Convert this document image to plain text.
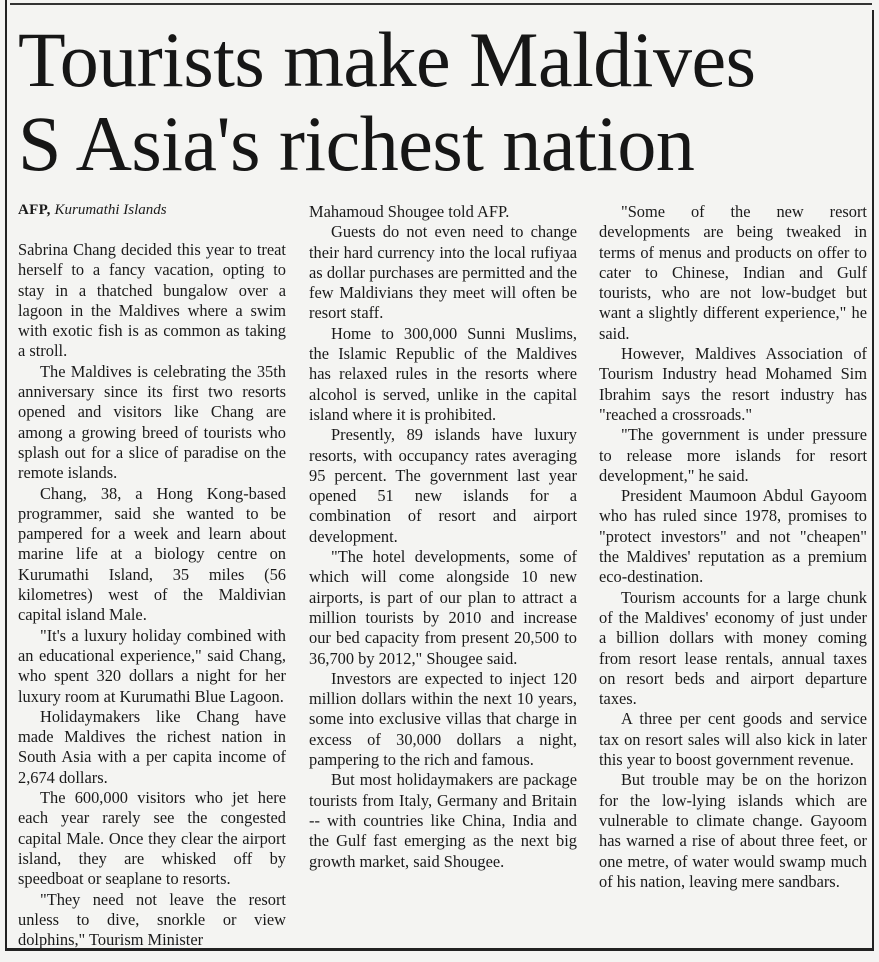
Tourists make Maldives
S Asia's richest nation
AFP, Kurumathi Islands

Sabrina Chang decided this year to treat herself to a fancy vacation, opting to stay in a thatched bungalow over a lagoon in the Maldives where a swim with exotic fish is as common as taking a stroll.

The Maldives is celebrating the 35th anniversary since its first two resorts opened and visitors like Chang are among a growing breed of tourists who splash out for a slice of paradise on the remote islands.

Chang, 38, a Hong Kong-based programmer, said she wanted to be pampered for a week and learn about marine life at a biology centre on Kurumathi Island, 35 miles (56 kilometres) west of the Maldivian capital island Male.

"It's a luxury holiday combined with an educational experience," said Chang, who spent 320 dollars a night for her luxury room at Kurumathi Blue Lagoon.

Holidaymakers like Chang have made Maldives the richest nation in South Asia with a per capita income of 2,674 dollars.

The 600,000 visitors who jet here each year rarely see the congested capital Male. Once they clear the airport island, they are whisked off by speedboat or seaplane to resorts.

"They need not leave the resort unless to dive, snorkle or view dolphins," Tourism Minister

Mahamoud Shougee told AFP.

Guests do not even need to change their hard currency into the local rufiyaa as dollar purchases are permitted and the few Maldivians they meet will often be resort staff.

Home to 300,000 Sunni Muslims, the Islamic Republic of the Maldives has relaxed rules in the resorts where alcohol is served, unlike in the capital island where it is prohibited.

Presently, 89 islands have luxury resorts, with occupancy rates averaging 95 percent. The government last year opened 51 new islands for a combination of resort and airport development.

"The hotel developments, some of which will come alongside 10 new airports, is part of our plan to attract a million tourists by 2010 and increase our bed capacity from present 20,500 to 36,700 by 2012," Shougee said.

Investors are expected to inject 120 million dollars within the next 10 years, some into exclusive villas that charge in excess of 30,000 dollars a night, pampering to the rich and famous.

But most holidaymakers are package tourists from Italy, Germany and Britain -- with countries like China, India and the Gulf fast emerging as the next big growth market, said Shougee.

"Some of the new resort developments are being tweaked in terms of menus and products on offer to cater to Chinese, Indian and Gulf tourists, who are not low-budget but want a slightly different experience," he said.

However, Maldives Association of Tourism Industry head Mohamed Sim Ibrahim says the resort industry has "reached a crossroads."

"The government is under pressure to release more islands for resort development," he said.

President Maumoon Abdul Gayoom who has ruled since 1978, promises to "protect investors" and not "cheapen" the Maldives' reputation as a premium eco-destination.

Tourism accounts for a large chunk of the Maldives' economy of just under a billion dollars with money coming from resort lease rentals, annual taxes on resort beds and airport departure taxes.

A three per cent goods and service tax on resort sales will also kick in later this year to boost government revenue.

But trouble may be on the horizon for the low-lying islands which are vulnerable to climate change. Gayoom has warned a rise of about three feet, or one metre, of water would swamp much of his nation, leaving mere sandbars.
